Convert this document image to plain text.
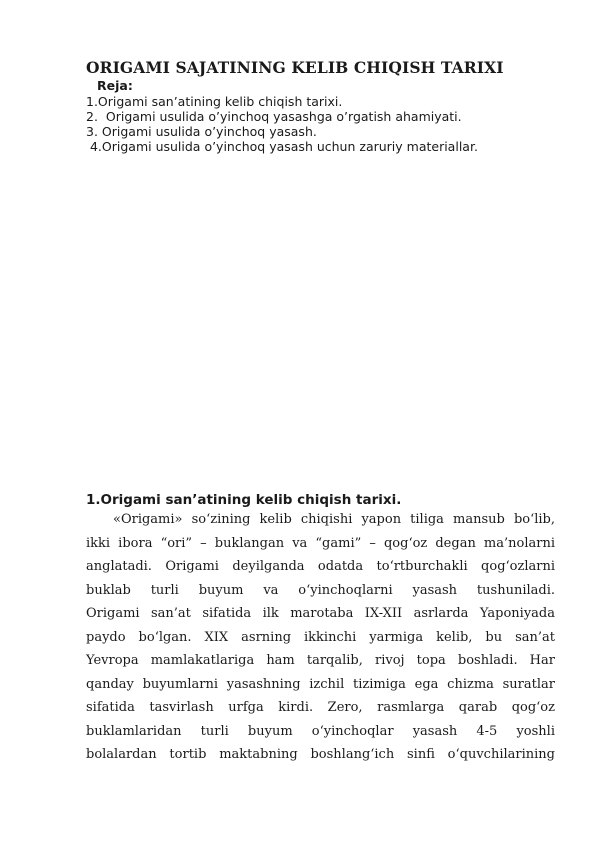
ORIGAMI SAJATINING KELIB CHIQISH TARIXI
Reja:
1.Origami san’atining kelib chiqish tarixi.
2.  Origami usulida o’yinchoq yasashga o’rgatish ahamiyati.
3. Origami usulida o’yinchoq yasash.
4.Origami usulida o’yinchoq yasash uchun zaruriy materiallar.
1.Origami san’atining kelib chiqish tarixi.
«Origami» so‘zining kelib chiqishi yapon tiliga mansub bo‘lib,
ikki ibora “ori” – buklangan va “gami” – qog‘oz degan ma’nolarni
anglatadi. Origami deyilganda odatda to‘rtburchakli qog‘ozlarni
buklab turli buyum va o‘yinchoqlarni yasash tushuniladi.
Origami san’at sifatida ilk marotaba IX-XII asrlarda Yaponiyada
paydo bo‘lgan. XIX asrning ikkinchi yarmiga kelib, bu san’at
Yevropa mamlakatlariga ham tarqalib, rivoj topa boshladi. Har
qanday buyumlarni yasashning izchil tizimiga ega chizma suratlar
sifatida tasvirlash urfga kirdi. Zero, rasmlarga qarab qog‘oz
buklamlaridan turli buyum o‘yinchoqlar yasash 4-5 yoshli
bolalardan tortib maktabning boshlang‘ich sinfi o‘quvchilarining
